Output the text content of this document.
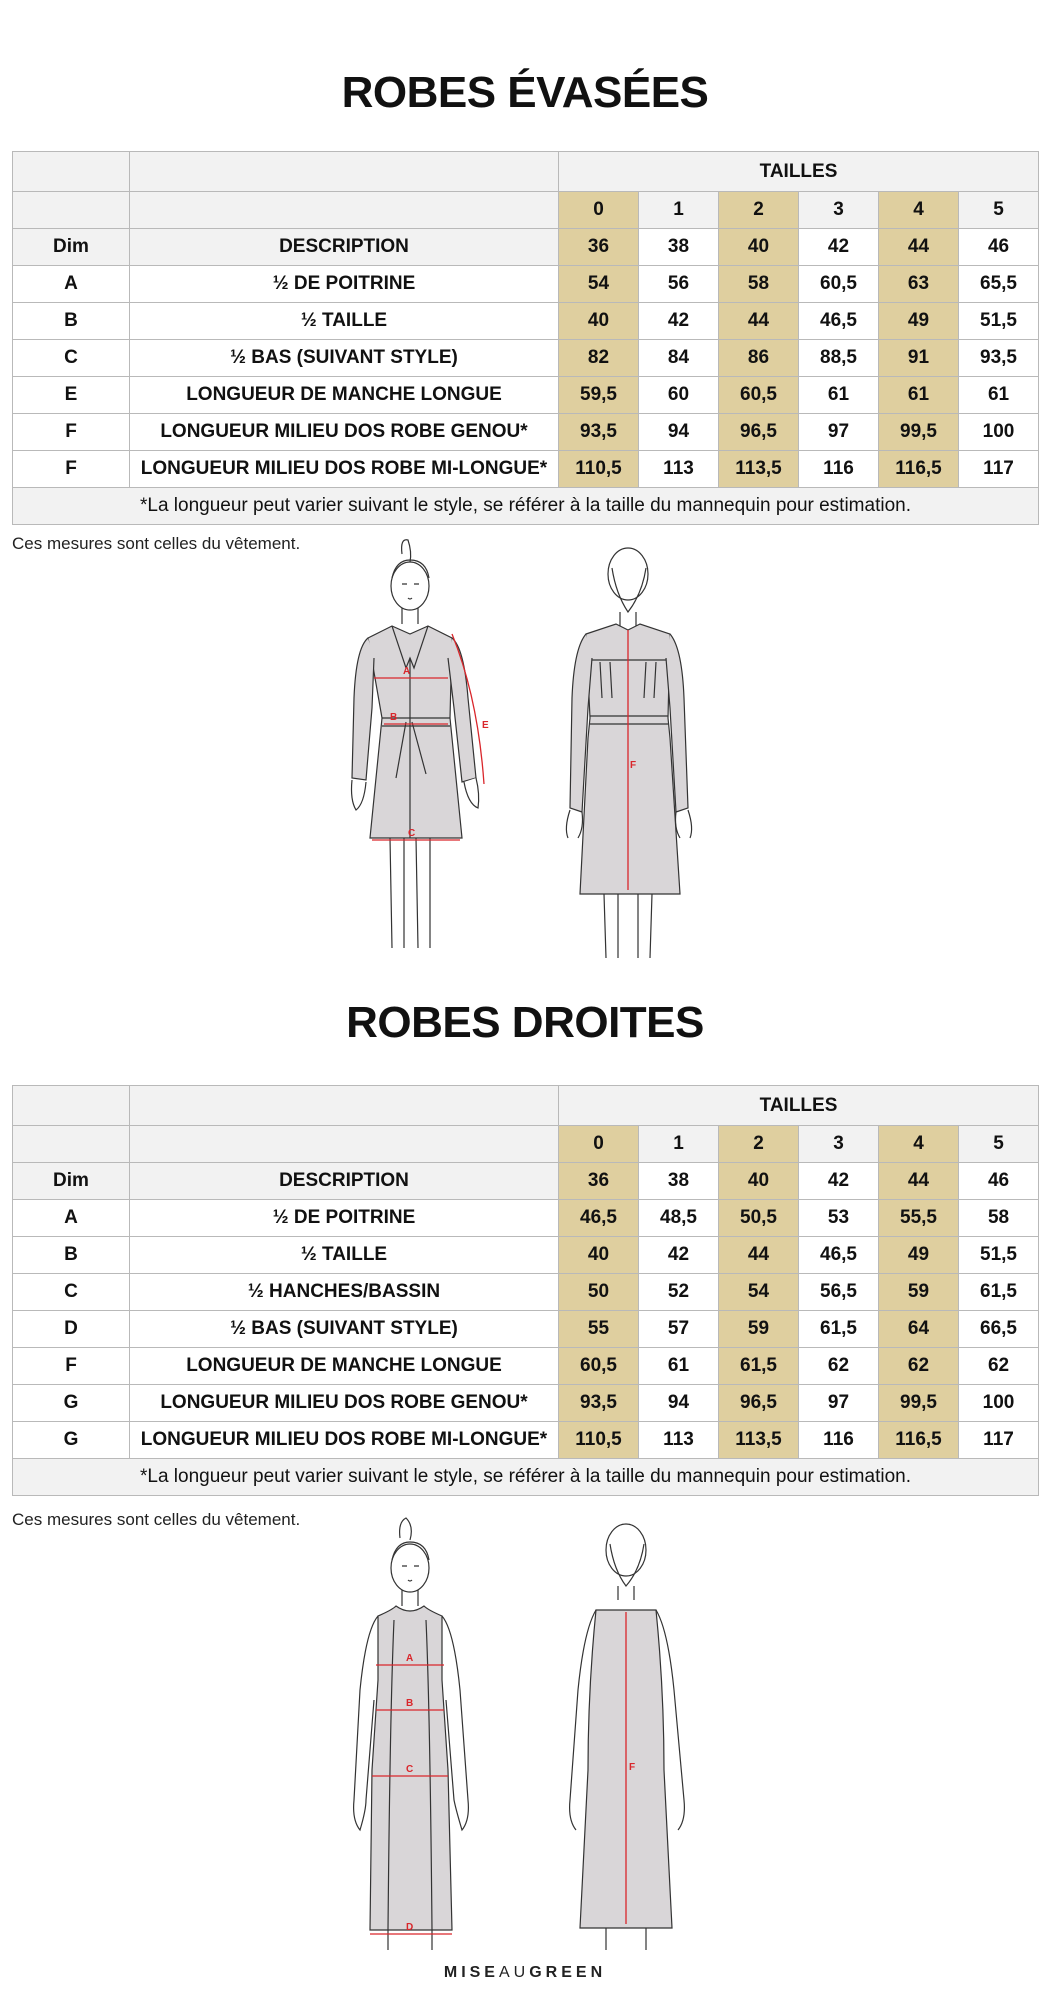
ROBES ÉVASÉES
		TAILLES					
		0	1	2	3	4	5
Dim	DESCRIPTION	36	38	40	42	44	46
A	½ DE POITRINE	54	56	58	60,5	63	65,5
B	½ TAILLE	40	42	44	46,5	49	51,5
C	½ BAS (SUIVANT STYLE)	82	84	86	88,5	91	93,5
E	LONGUEUR DE MANCHE LONGUE	59,5	60	60,5	61	61	61
F	LONGUEUR MILIEU DOS ROBE GENOU*	93,5	94	96,5	97	99,5	100
F	LONGUEUR MILIEU DOS ROBE MI-LONGUE*	110,5	113	113,5	116	116,5	117
*La longueur peut varier suivant le style, se référer à la taille du mannequin pour estimation.							
Ces mesures sont celles du vêtement.
A
B
C
E
F
ROBES DROITES
		TAILLES					
		0	1	2	3	4	5
Dim	DESCRIPTION	36	38	40	42	44	46
A	½ DE POITRINE	46,5	48,5	50,5	53	55,5	58
B	½ TAILLE	40	42	44	46,5	49	51,5
C	½ HANCHES/BASSIN	50	52	54	56,5	59	61,5
D	½ BAS (SUIVANT STYLE)	55	57	59	61,5	64	66,5
F	LONGUEUR DE MANCHE LONGUE	60,5	61	61,5	62	62	62
G	LONGUEUR MILIEU DOS ROBE GENOU*	93,5	94	96,5	97	99,5	100
G	LONGUEUR MILIEU DOS ROBE MI-LONGUE*	110,5	113	113,5	116	116,5	117
*La longueur peut varier suivant le style, se référer à la taille du mannequin pour estimation.							
Ces mesures sont celles du vêtement.
A
B
C
D
F
MISEAUGREEN
